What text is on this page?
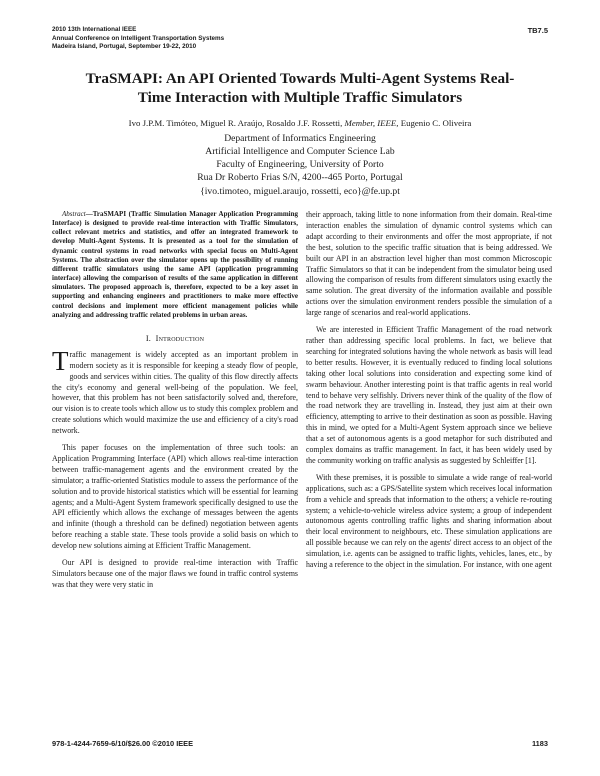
2010 13th International IEEE
Annual Conference on Intelligent Transportation Systems
Madeira Island, Portugal, September 19-22, 2010
TB7.5
TraSMAPI: An API Oriented Towards Multi-Agent Systems Real-
Time Interaction with Multiple Traffic Simulators
Ivo J.P.M. Timóteo, Miguel R. Araújo, Rosaldo J.F. Rossetti, Member, IEEE, Eugenio C. Oliveira
Department of Informatics Engineering
Artificial Intelligence and Computer Science Lab
Faculty of Engineering, University of Porto
Rua Dr Roberto Frias S/N, 4200--465 Porto, Portugal
{ivo.timoteo, miguel.araujo, rossetti, eco}@fe.up.pt

Abstract—TraSMAPI (Traffic Simulation Manager Application Programming Interface) is designed to provide real-time interaction with Traffic Simulators, collect relevant metrics and statistics, and offer an integrated framework to develop Multi-Agent Systems. It is presented as a tool for the simulation of dynamic control systems in road networks with special focus on Multi-Agent Systems. The abstraction over the simulator opens up the possibility of running different traffic simulators using the same API (application programming interface) allowing the comparison of results of the same application in different simulators. The proposed approach is, therefore, expected to be a key asset in supporting and enhancing engineers and practitioners to make more effective control decisions and implement more efficient management policies while analyzing and addressing traffic related problems in urban areas.

I. Introduction

Traffic management is widely accepted as an important problem in modern society as it is responsible for keeping a steady flow of people, goods and services within cities. The quality of this flow directly affects the city's economy and general well-being of the population. We feel, however, that this problem has not been satisfactorily solved and, therefore, our vision is to create tools which allow us to study this complex problem and create solutions which would maximize the use and efficiency of a city's road network.

This paper focuses on the implementation of three such tools: an Application Programming Interface (API) which allows real-time interaction between traffic-management agents and the environment created by the simulator; a traffic-oriented Statistics module to assess the performance of the solution and to provide historical statistics which will be essential for learning agents; and a Multi-Agent System framework specifically designed to use the API efficiently which allows the exchange of messages between the agents and infinite (though a threshold can be defined) negotiation between agents before reaching a stable state. These tools provide a solid basis on which to develop new solutions aiming at Efficient Traffic Management.

Our API is designed to provide real-time interaction with Traffic Simulators because one of the major flaws we found in traffic control systems was that they were very static in

their approach, taking little to none information from their domain. Real-time interaction enables the simulation of dynamic control systems which can adapt according to their environments and offer the most appropriate, if not the best, solution to the specific traffic situation that is being addressed. We built our API in an abstraction level higher than most common Microscopic Traffic Simulators so that it can be independent from the simulator being used allowing the comparison of results from different simulators using exactly the same solution. The great diversity of the information available and possible actions over the simulation environment renders possible the simulation of a large range of scenarios and real-world applications.

We are interested in Efficient Traffic Management of the road network rather than addressing specific local problems. In fact, we believe that searching for integrated solutions having the whole network as basis will lead to better results. However, it is eventually reduced to finding local solutions taking other local solutions into consideration and expecting some kind of swarm behaviour. Another interesting point is that traffic agents in real world tend to behave very selfishly. Drivers never think of the quality of the flow of the road network they are travelling in. Instead, they just aim at their own efficiency, attempting to arrive to their destination as soon as possible. Having this in mind, we opted for a Multi-Agent System approach since we believe that a set of autonomous agents is a good metaphor for such distributed and complex domains as traffic management. In fact, it has been widely used by the community working on traffic analysis as suggested by Schleiffer [1].

With these premises, it is possible to simulate a wide range of real-world applications, such as: a GPS/Satellite system which receives local information from a vehicle and spreads that information to the others; a vehicle re-routing system; a vehicle-to-vehicle wireless advice system; a group of independent autonomous agents controlling traffic lights and sharing information about their local environment to neighbours, etc. These simulation applications are all possible because we can rely on the agents' direct access to an object of the simulation, i.e. agents can be assigned to traffic lights, vehicles, lanes, etc., by having a reference to the object in the simulation. For instance, with one agent

978-1-4244-7659-6/10/$26.00 ©2010 IEEE	1183
